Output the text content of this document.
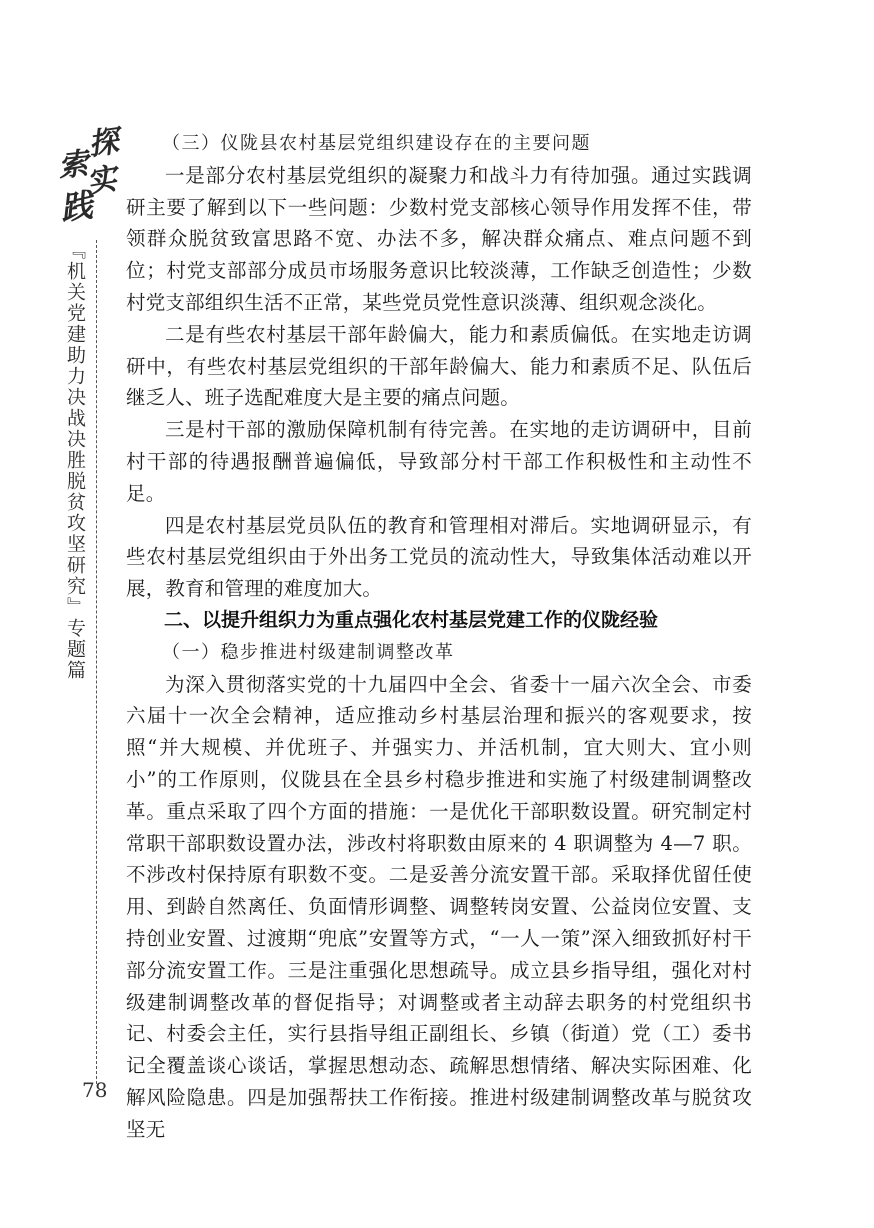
探
索
实
践
『机关党建助力决战决胜脱贫攻坚研究』专题篇
78

（三）仪陇县农村基层党组织建设存在的主要问题

一是部分农村基层党组织的凝聚力和战斗力有待加强。通过实践调研主要了解到以下一些问题：少数村党支部核心领导作用发挥不佳，带领群众脱贫致富思路不宽、办法不多，解决群众痛点、难点问题不到位；村党支部部分成员市场服务意识比较淡薄，工作缺乏创造性；少数村党支部组织生活不正常，某些党员党性意识淡薄、组织观念淡化。

二是有些农村基层干部年龄偏大，能力和素质偏低。在实地走访调研中，有些农村基层党组织的干部年龄偏大、能力和素质不足、队伍后继乏人、班子选配难度大是主要的痛点问题。

三是村干部的激励保障机制有待完善。在实地的走访调研中，目前村干部的待遇报酬普遍偏低，导致部分村干部工作积极性和主动性不足。

四是农村基层党员队伍的教育和管理相对滞后。实地调研显示，有些农村基层党组织由于外出务工党员的流动性大，导致集体活动难以开展，教育和管理的难度加大。

二、以提升组织力为重点强化农村基层党建工作的仪陇经验

（一）稳步推进村级建制调整改革

为深入贯彻落实党的十九届四中全会、省委十一届六次全会、市委六届十一次全会精神，适应推动乡村基层治理和振兴的客观要求，按照“并大规模、并优班子、并强实力、并活机制，宜大则大、宜小则小”的工作原则，仪陇县在全县乡村稳步推进和实施了村级建制调整改革。重点采取了四个方面的措施：一是优化干部职数设置。研究制定村常职干部职数设置办法，涉改村将职数由原来的 4 职调整为 4—7 职。不涉改村保持原有职数不变。二是妥善分流安置干部。采取择优留任使用、到龄自然离任、负面情形调整、调整转岗安置、公益岗位安置、支持创业安置、过渡期“兜底”安置等方式，“一人一策”深入细致抓好村干部分流安置工作。三是注重强化思想疏导。成立县乡指导组，强化对村级建制调整改革的督促指导；对调整或者主动辞去职务的村党组织书记、村委会主任，实行县指导组正副组长、乡镇（街道）党（工）委书记全覆盖谈心谈话，掌握思想动态、疏解思想情绪、解决实际困难、化解风险隐患。四是加强帮扶工作衔接。推进村级建制调整改革与脱贫攻坚无
